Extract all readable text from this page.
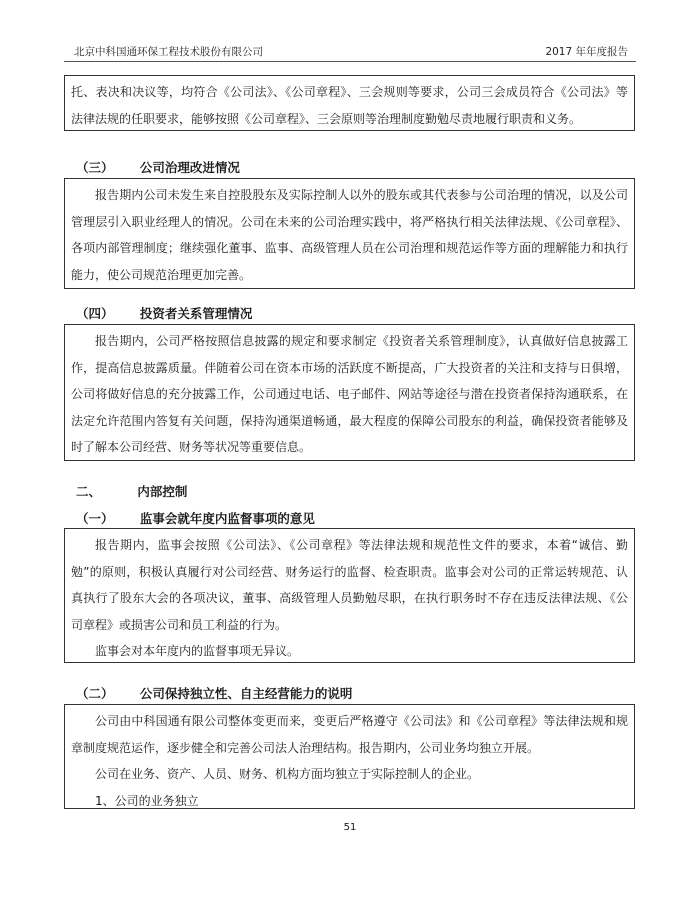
北京中科国通环保工程技术股份有限公司	2017 年年度报告

托、表决和决议等，均符合《公司法》、《公司章程》、三会规则等要求，公司三会成员符合《公司法》等法律法规的任职要求，能够按照《公司章程》、三会原则等治理制度勤勉尽责地履行职责和义务。

（三） 公司治理改进情况

报告期内公司未发生来自控股股东及实际控制人以外的股东或其代表参与公司治理的情况，以及公司管理层引入职业经理人的情况。公司在未来的公司治理实践中，将严格执行相关法律法规、《公司章程》、各项内部管理制度；继续强化董事、监事、高级管理人员在公司治理和规范运作等方面的理解能力和执行能力，使公司规范治理更加完善。

（四） 投资者关系管理情况

报告期内，公司严格按照信息披露的规定和要求制定《投资者关系管理制度》，认真做好信息披露工作，提高信息披露质量。伴随着公司在资本市场的活跃度不断提高，广大投资者的关注和支持与日俱增，公司将做好信息的充分披露工作，公司通过电话、电子邮件、网站等途径与潜在投资者保持沟通联系，在法定允许范围内答复有关问题，保持沟通渠道畅通，最大程度的保障公司股东的利益，确保投资者能够及时了解本公司经营、财务等状况等重要信息。

二、	内部控制
（一） 监事会就年度内监督事项的意见

报告期内，监事会按照《公司法》、《公司章程》等法律法规和规范性文件的要求，本着“诚信、勤勉”的原则，积极认真履行对公司经营、财务运行的监督、检查职责。监事会对公司的正常运转规范、认真执行了股东大会的各项决议，董事、高级管理人员勤勉尽职，在执行职务时不存在违反法律法规、《公司章程》或损害公司和员工利益的行为。

监事会对本年度内的监督事项无异议。

（二） 公司保持独立性、自主经营能力的说明

公司由中科国通有限公司整体变更而来，变更后严格遵守《公司法》和《公司章程》等法律法规和规章制度规范运作，逐步健全和完善公司法人治理结构。报告期内，公司业务均独立开展。

公司在业务、资产、人员、财务、机构方面均独立于实际控制人的企业。

1、公司的业务独立

51
